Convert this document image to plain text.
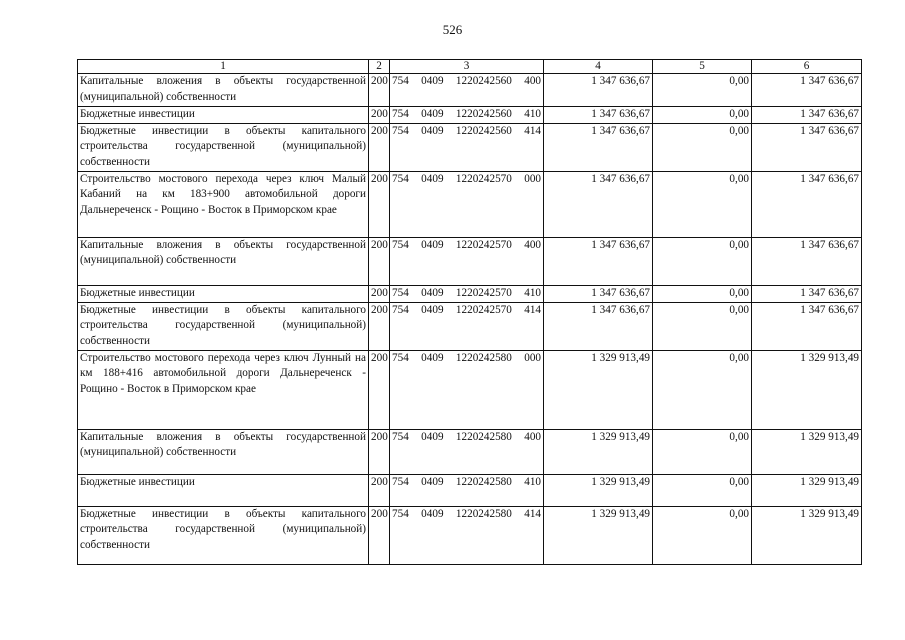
526
1	2	3	4	5	6
Капитальные вложения в объекты государственной (муниципальной) собственности	200	754 0409 1220242560 400	1 347 636,67	0,00	1 347 636,67
Бюджетные инвестиции	200	754 0409 1220242560 410	1 347 636,67	0,00	1 347 636,67
Бюджетные инвестиции в объекты капитального строительства государственной (муниципальной) собственности	200	754 0409 1220242560 414	1 347 636,67	0,00	1 347 636,67
Строительство мостового перехода через ключ Малый Кабаний на км 183+900 автомобильной дороги Дальнереченск - Рощино - Восток в Приморском крае	200	754 0409 1220242570 000	1 347 636,67	0,00	1 347 636,67
Капитальные вложения в объекты государственной (муниципальной) собственности	200	754 0409 1220242570 400	1 347 636,67	0,00	1 347 636,67
Бюджетные инвестиции	200	754 0409 1220242570 410	1 347 636,67	0,00	1 347 636,67
Бюджетные инвестиции в объекты капитального строительства государственной (муниципальной) собственности	200	754 0409 1220242570 414	1 347 636,67	0,00	1 347 636,67
Строительство мостового перехода через ключ Лунный на км 188+416 автомобильной дороги Дальнереченск - Рощино - Восток в Приморском крае	200	754 0409 1220242580 000	1 329 913,49	0,00	1 329 913,49
Капитальные вложения в объекты государственной (муниципальной) собственности	200	754 0409 1220242580 400	1 329 913,49	0,00	1 329 913,49
Бюджетные инвестиции	200	754 0409 1220242580 410	1 329 913,49	0,00	1 329 913,49
Бюджетные инвестиции в объекты капитального строительства государственной (муниципальной) собственности	200	754 0409 1220242580 414	1 329 913,49	0,00	1 329 913,49
